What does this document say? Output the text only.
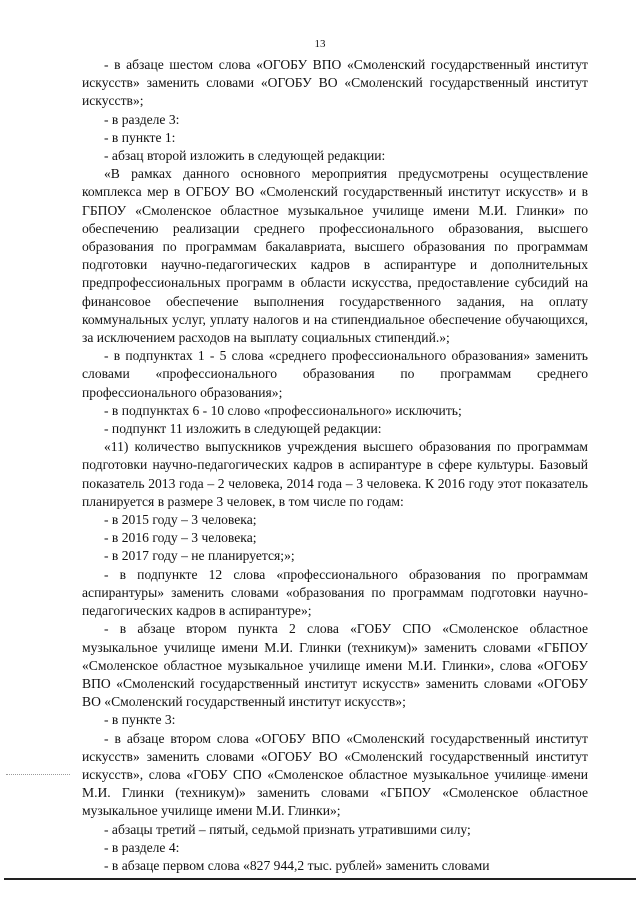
13

- в абзаце шестом слова «ОГОБУ ВПО «Смоленский государственный институт искусств» заменить словами «ОГОБУ ВО «Смоленский государственный институт искусств»;

- в разделе 3:

- в пункте 1:

- абзац второй изложить в следующей редакции:

«В рамках данного основного мероприятия предусмотрены осуществление комплекса мер в ОГБОУ ВО «Смоленский государственный институт искусств» и в ГБПОУ «Смоленское областное музыкальное училище имени М.И. Глинки» по обеспечению реализации среднего профессионального образования, высшего образования по программам бакалавриата, высшего образования по программам подготовки научно-педагогических кадров в аспирантуре и дополнительных предпрофессиональных программ в области искусства, предоставление субсидий на финансовое обеспечение выполнения государственного задания, на оплату коммунальных услуг, уплату налогов и на стипендиальное обеспечение обучающихся, за исключением расходов на выплату социальных стипендий.»;

- в подпунктах 1 - 5 слова «среднего профессионального образования» заменить словами «профессионального образования по программам среднего профессионального образования»;

- в подпунктах 6 - 10 слово «профессионального» исключить;

- подпункт 11 изложить в следующей редакции:

«11) количество выпускников учреждения высшего образования по программам подготовки научно-педагогических кадров в аспирантуре в сфере культуры. Базовый показатель 2013 года – 2 человека, 2014 года – 3 человека. К 2016 году этот показатель планируется в размере 3 человек, в том числе по годам:

- в 2015 году – 3 человека;

- в 2016 году – 3 человека;

- в 2017 году – не планируется;»;

- в подпункте 12 слова «профессионального образования по программам аспирантуры» заменить словами «образования по программам подготовки научно-педагогических кадров в аспирантуре»;

- в абзаце втором пункта 2 слова «ГОБУ СПО «Смоленское областное музыкальное училище имени М.И. Глинки (техникум)» заменить словами «ГБПОУ «Смоленское областное музыкальное училище имени М.И. Глинки», слова «ОГОБУ ВПО «Смоленский государственный институт искусств» заменить словами «ОГОБУ ВО «Смоленский государственный институт искусств»;

- в пункте 3:

- в абзаце втором слова «ОГОБУ ВПО «Смоленский государственный институт искусств» заменить словами «ОГОБУ ВО «Смоленский государственный институт искусств», слова «ГОБУ СПО «Смоленское областное музыкальное училище имени М.И. Глинки (техникум)» заменить словами «ГБПОУ «Смоленское областное музыкальное училище имени М.И. Глинки»;

- абзацы третий – пятый, седьмой признать утратившими силу;

- в разделе 4:

- в абзаце первом слова «827 944,2 тыс. рублей» заменить словами
